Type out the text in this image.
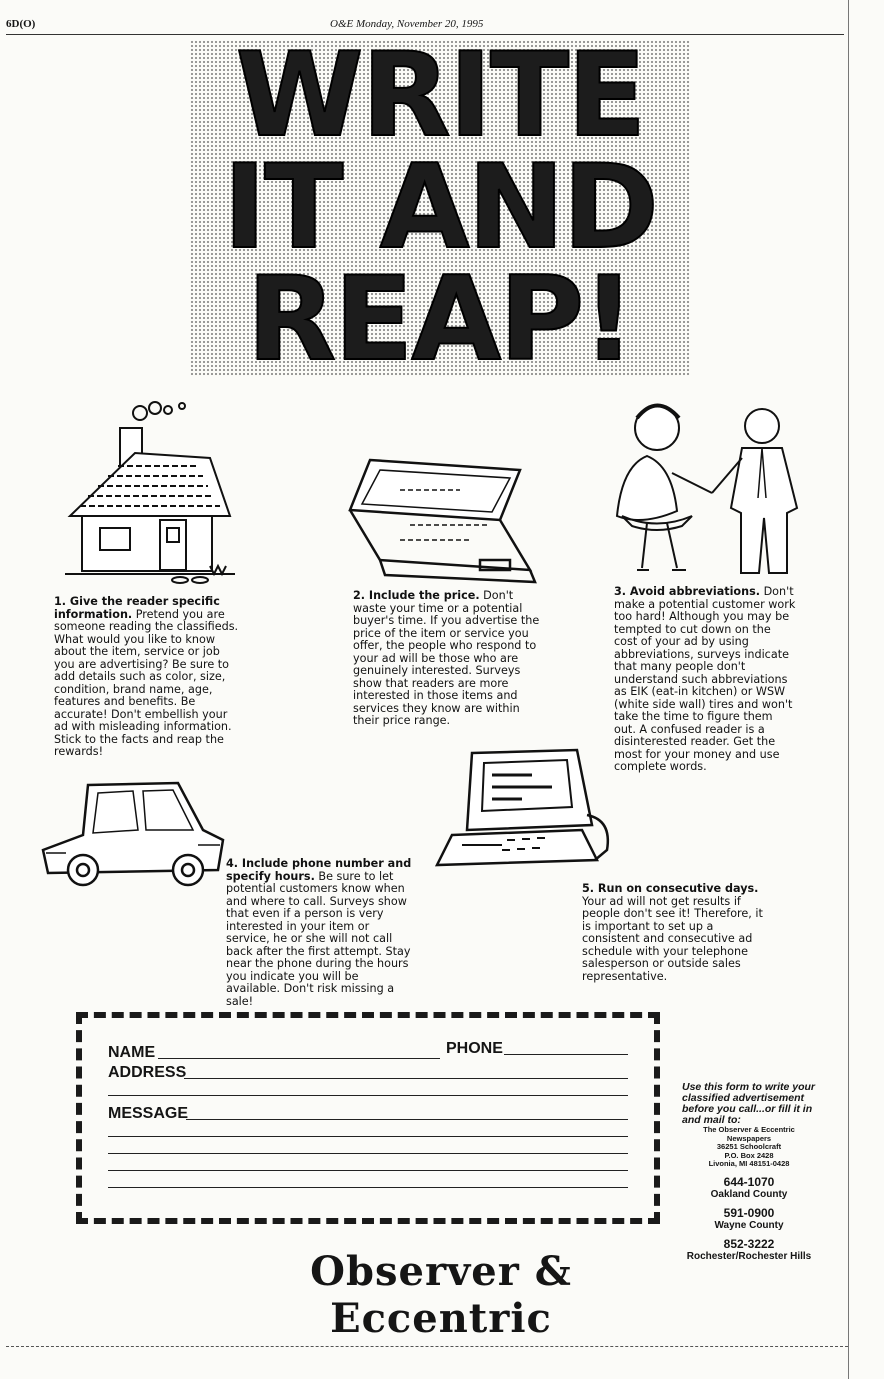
6D(O)	O&E Monday, November 20, 1995
WRITE
IT AND
REAP!
1. Give the reader specific information. Pretend you are someone reading the classifieds. What would you like to know about the item, service or job you are advertising? Be sure to add details such as color, size, condition, brand name, age, features and benefits. Be accurate! Don't embellish your ad with misleading information. Stick to the facts and reap the rewards!
2. Include the price. Don't waste your time or a potential buyer's time. If you advertise the price of the item or service you offer, the people who respond to your ad will be those who are genuinely interested. Surveys show that readers are more interested in those items and services they know are within their price range.
3. Avoid abbreviations. Don't make a potential customer work too hard! Although you may be tempted to cut down on the cost of your ad by using abbreviations, surveys indicate that many people don't understand such abbreviations as EIK (eat-in kitchen) or WSW (white side wall) tires and won't take the time to figure them out. A confused reader is a disinterested reader. Get the most for your money and use complete words.
4. Include phone number and specify hours. Be sure to let potential customers know when and where to call. Surveys show that even if a person is very interested in your item or service, he or she will not call back after the first attempt. Stay near the phone during the hours you indicate you will be available. Don't risk missing a sale!
5. Run on consecutive days. Your ad will not get results if people don't see it! Therefore, it is important to set up a consistent and consecutive ad schedule with your telephone salesperson or outside sales representative.
NAME	PHONE
ADDRESS
MESSAGE
Use this form to write your classified advertisement before you call...or fill it in and mail to:
The Observer & Eccentric
Newspapers
36251 Schoolcraft
P.O. Box 2428
Livonia, MI 48151-0428
644-1070
Oakland County
591-0900
Wayne County
852-3222
Rochester/Rochester Hills
Observer & Eccentric
